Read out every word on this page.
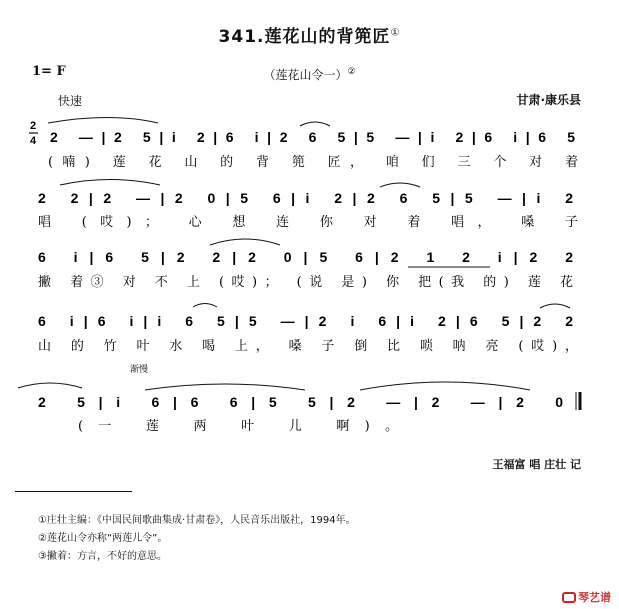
341.莲花山的背篼匠①
（莲花山令一）②
1= F
快速	甘肃·康乐县
2
4 2 —|2 5|i 2|6 i|2 6 5|5 —|i 2|6 i|6 5
(喃) 莲 花 山 的 背 篼 匠， 咱 们 三 个 对 着
2 2|2 —|2 0|5 6|i 2|2 6 5|5 —|i 2
唱 (哎)； 心 想 连 你 对 着 唱， 嗓 子
6 i|6 5|2 2|2 0|5 6|2 1 2 i|2 2
撇 着③ 对 不 上 (哎)； (说 是) 你 把(我 的) 莲 花
6 i|6 i|i 6 5|5 —|2 i 6|i 2|6 5|2 2
山 的 竹 叶 水 喝 上， 嗓 子 倒 比 唢 呐 亮 (哎)，
渐慢
2 5|i 6|6 6|5 5|2 —|2 —|2 0
(一 莲 两 叶 儿 啊)。
王福富 唱 庄壮 记
①庄壮主编：《中国民间歌曲集成·甘肃卷》，人民音乐出版社，1994年。
②莲花山令亦称“两莲儿令”。
③撇着：方言，不好的意思。
琴艺谱
